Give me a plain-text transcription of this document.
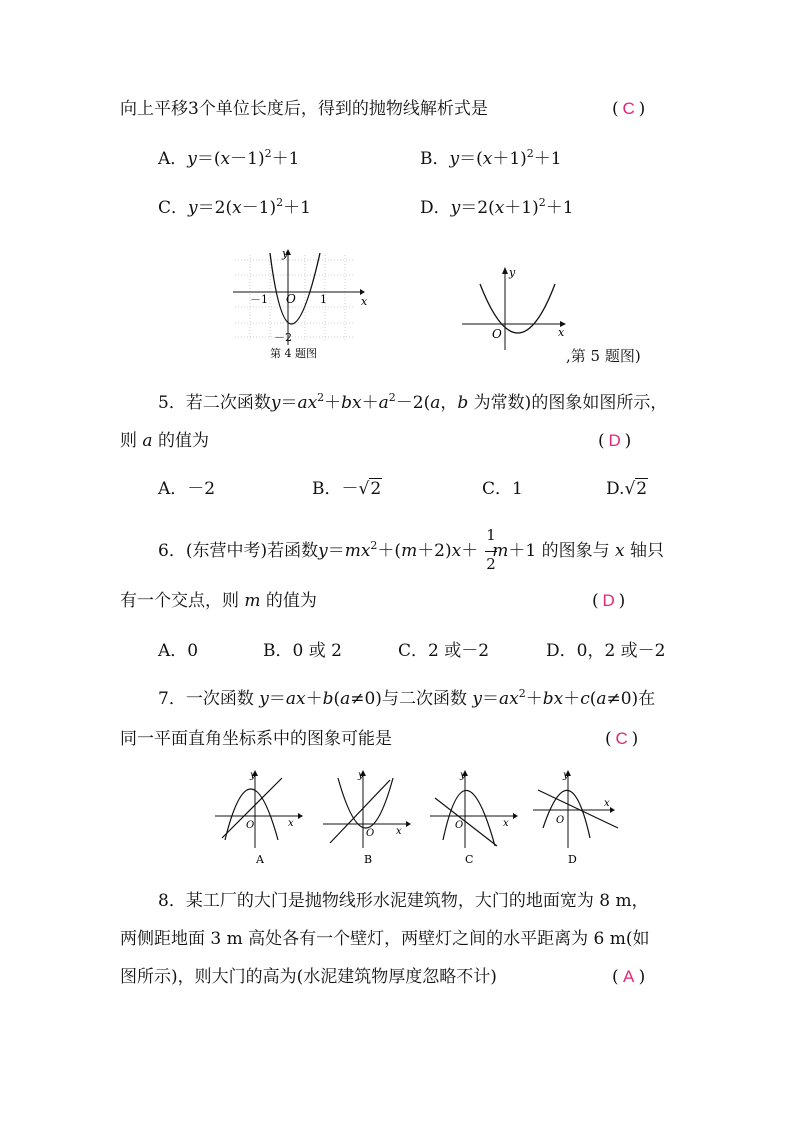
向上平移3个单位长度后，得到的抛物线解析式是	( C )
A．$y=(x-1)^2+1$	B．$y=(x+1)^2+1$
C．$y=2(x-1)^2+1$	D．$y=2(x+1)^2+1$
y
x
O
－1	1
－2
第 4 题图
y
x
O
,第 5 题图)
5．若二次函数$y=ax^2+bx+a^2-2(a$，b 为常数)的图象如图所示，
则 a 的值为	( D )
A．－2	B．－√2	C．1	D.√2
6．(东营中考)若函数$y=mx^2+(m+2)x+ m+1$ 的图象与 x 轴只
1
2
有一个交点，则 m 的值为	( D )
A．0	B．0 或 2	C．2 或－2	D．0，2 或－2
7．一次函数 y＝ax＋b(a≠0)与二次函数 $y=ax^2+bx+c(a\ne 0)$在
同一平面直角坐标系中的图象可能是	( C )
y
x
O
A
y
x
O
B
y
x
O
C
y
x
O
D
8．某工厂的大门是抛物线形水泥建筑物，大门的地面宽为 8 m，
两侧距地面 3 m 高处各有一个壁灯，两壁灯之间的水平距离为 6 m(如
图所示)，则大门的高为(水泥建筑物厚度忽略不计)	( A )
